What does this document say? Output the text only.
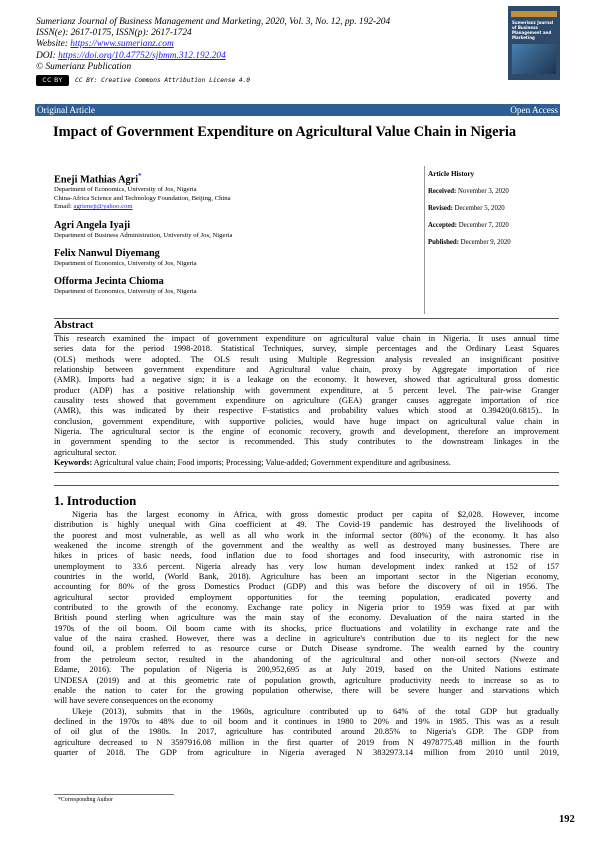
Sumerianz Journal of Business Management and Marketing, 2020, Vol. 3, No. 12, pp. 192-204
ISSN(e): 2617-0175, ISSN(p): 2617-1724
Website: https://www.sumerianz.com
DOI: https://doi.org/10.47752/sjbmm.312.192.204
© Sumerianz Publication
CC BY	CC BY: Creative Commons Attribution License 4.0
Sumerianz Journal of Business Management and Marketing
Original Article	Open Access
Impact of Government Expenditure on Agricultural Value Chain in Nigeria
Eneji Mathias Agri*
Department of Economics, University of Jos, Nigeria
China-Africa Science and Technology Foundation, Beijing, China
Email: agrieneji@yahoo.com
Agri Angela Iyaji
Department of Business Administration, University of Jos, Nigeria
Felix Nanwul Diyemang
Department of Economics, University of Jos, Nigeria
Offorma Jecinta Chioma
Department of Economics, University of Jos, Nigeria
Article History
Received: November 3, 2020
Revised: December 5, 2020
Accepted: December 7, 2020
Published: December 9, 2020
Abstract
This research examined the impact of government expenditure on agricultural value chain in Nigeria. It uses annual time
series data for the period 1998-2018. Statistical Techniques, survey, simple percentages and the Ordinary Least Squares
(OLS) methods were adopted. The OLS result using Multiple Regression analysis revealed an insignificant positive
relationship between government expenditure and Agricultural value chain, proxy by Aggregate importation of rice
(AMR). Imports had a negative sign; it is a leakage on the economy. It however, showed that agricultural gross domestic
product (ADP) has a positive relationship with government expenditure, at 5 percent level. The pair-wise Granger
causality tests showed that government expenditure on agriculture (GEA) granger causes aggregate importation of rice
(AMR), this was indicated by their respective F-statistics and probability values which stood at 0.39420(0.6815).. In
conclusion, government expenditure, with supportive policies, would have huge impact on agricultural value chain in
Nigeria. The agricultural sector is the engine of economic recovery, growth and development, therefore an improvement
in government spending to the sector is recommended. This study contributes to the downstream linkages in the
agricultural sector.
Keywords: Agricultural value chain; Food imports; Processing; Value-added; Government expenditure and agribusiness.
1. Introduction
Nigeria has the largest economy in Africa, with gross domestic product per capita of $2,028. However, income
distribution is highly unequal with Gina coefficient at 49. The Covid-19 pandemic has destroyed the livelihoods of
the poorest and most vulnerable, as well as all who work in the informal sector (80%) of the economy. It has also
weakened the income strength of the government and the wealthy as well as destroyed many businesses. There are
hikes in prices of basic needs, food inflation due to food shortages and food insecurity, with astronomic rise in
unemployment to 33.6 percent. Nigeria already has very low human development index ranked at 152 of 157
countries in the world, (World Bank, 2018). Agriculture has been an important sector in the Nigerian economy,
accounting for 80% of the gross Domestics Product (GDP) and this was before the discovery of oil in 1956. The
agricultural sector provided employment opportunities for the teeming population, eradicated poverty and
contributed to the growth of the economy. Exchange rate policy in Nigeria prior to 1959 was fixed at par with
British pound sterling when agriculture was the main stay of the economy. Devaluation of the naira started in the
1970s of the oil boom. Oil boom came with its shocks, price fluctuations and volatility in exchange rate and the
value of the naira crashed. However, there was a decline in agriculture's contribution due to its neglect for the new
found oil, a problem referred to as resource curse or Dutch Disease syndrome. The wealth earned by the country
from the petroleum sector, resulted in the abandoning of the agricultural and other non-oil sectors (Nweze and
Edame, 2016). The population of Nigeria is 200,952,695 as at July 2019, based on the United Nations estimate
UNDESA (2019) and at this geometric rate of population growth, agriculture productivity needs to increase so as to
enable the nation to cater for the growing population otherwise, there will be severe hunger and starvations which
will have severe consequences on the economy
Ukeje (2013), submits that in the 1960s, agriculture contributed up to 64% of the total GDP but gradually
declined in the 1970s to 48% due to oil boom and it continues in 1980 to 20% and 19% in 1985. This was as a result
of oil glut of the 1980s. In 2017, agriculture has contributed around 20.85% to Nigeria's GDP. The GDP from
agriculture decreased to N 3597916.08 million in the first quarter of 2019 from N 4978775.48 million in the fourth
quarter of 2018. The GDP from agriculture in Nigeria averaged N 3832973.14 million from 2010 until 2019,
*Corresponding Author
192
